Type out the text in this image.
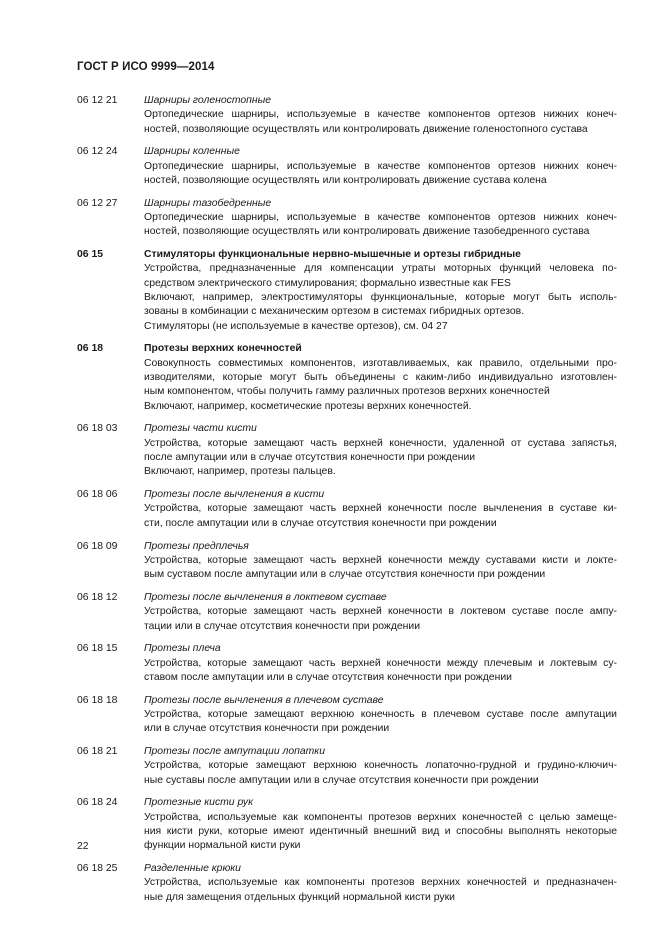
ГОСТ Р ИСО 9999—2014
06 12 21	Шарниры голеностопные
Ортопедические шарниры, используемые в качестве компонентов ортезов нижних конеч-
ностей, позволяющие осуществлять или контролировать движение голеностопного сустава
06 12 24	Шарниры коленные
Ортопедические шарниры, используемые в качестве компонентов ортезов нижних конеч-
ностей, позволяющие осуществлять или контролировать движение сустава колена
06 12 27	Шарниры тазобедренные
Ортопедические шарниры, используемые в качестве компонентов ортезов нижних конеч-
ностей, позволяющие осуществлять или контролировать движение тазобедренного сустава
06 15	Стимуляторы функциональные нервно-мышечные и ортезы гибридные
Устройства, предназначенные для компенсации утраты моторных функций человека по-
средством электрического стимулирования; формально известные как FES
Включают, например, электростимуляторы функциональные, которые могут быть исполь-
зованы в комбинации с механическим ортезом в системах гибридных ортезов.
Стимуляторы (не используемые в качестве ортезов), см. 04 27
06 18	Протезы верхних конечностей
Совокупность совместимых компонентов, изготавливаемых, как правило, отдельными про-
изводителями, которые могут быть объединены с каким-либо индивидуально изготовлен-
ным компонентом, чтобы получить гамму различных протезов верхних конечностей
Включают, например, косметические протезы верхних конечностей.
06 18 03	Протезы части кисти
Устройства, которые замещают часть верхней конечности, удаленной от сустава запястья,
после ампутации или в случае отсутствия конечности при рождении
Включают, например, протезы пальцев.
06 18 06	Протезы после вычленения в кисти
Устройства, которые замещают часть верхней конечности после вычленения в суставе ки-
сти, после ампутации или в случае отсутствия конечности при рождении
06 18 09	Протезы предплечья
Устройства, которые замещают часть верхней конечности между суставами кисти и локте-
вым суставом после ампутации или в случае отсутствия конечности при рождении
06 18 12	Протезы после вычленения в локтевом суставе
Устройства, которые замещают часть верхней конечности в локтевом суставе после ампу-
тации или в случае отсутствия конечности при рождении
06 18 15	Протезы плеча
Устройства, которые замещают часть верхней конечности между плечевым и локтевым су-
ставом после ампутации или в случае отсутствия конечности при рождении
06 18 18	Протезы после вычленения в плечевом суставе
Устройства, которые замещают верхнюю конечность в плечевом суставе после ампутации
или в случае отсутствия конечности при рождении
06 18 21	Протезы после ампутации лопатки
Устройства, которые замещают верхнюю конечность лопаточно-грудной и грудино-ключич-
ные суставы после ампутации или в случае отсутствия конечности при рождении
06 18 24	Протезные кисти рук
Устройства, используемые как компоненты протезов верхних конечностей с целью замеще-
ния кисти руки, которые имеют идентичный внешний вид и способны выполнять некоторые
функции нормальной кисти руки
06 18 25	Разделенные крюки
Устройства, используемые как компоненты протезов верхних конечностей и предназначен-
ные для замещения отдельных функций нормальной кисти руки
22
